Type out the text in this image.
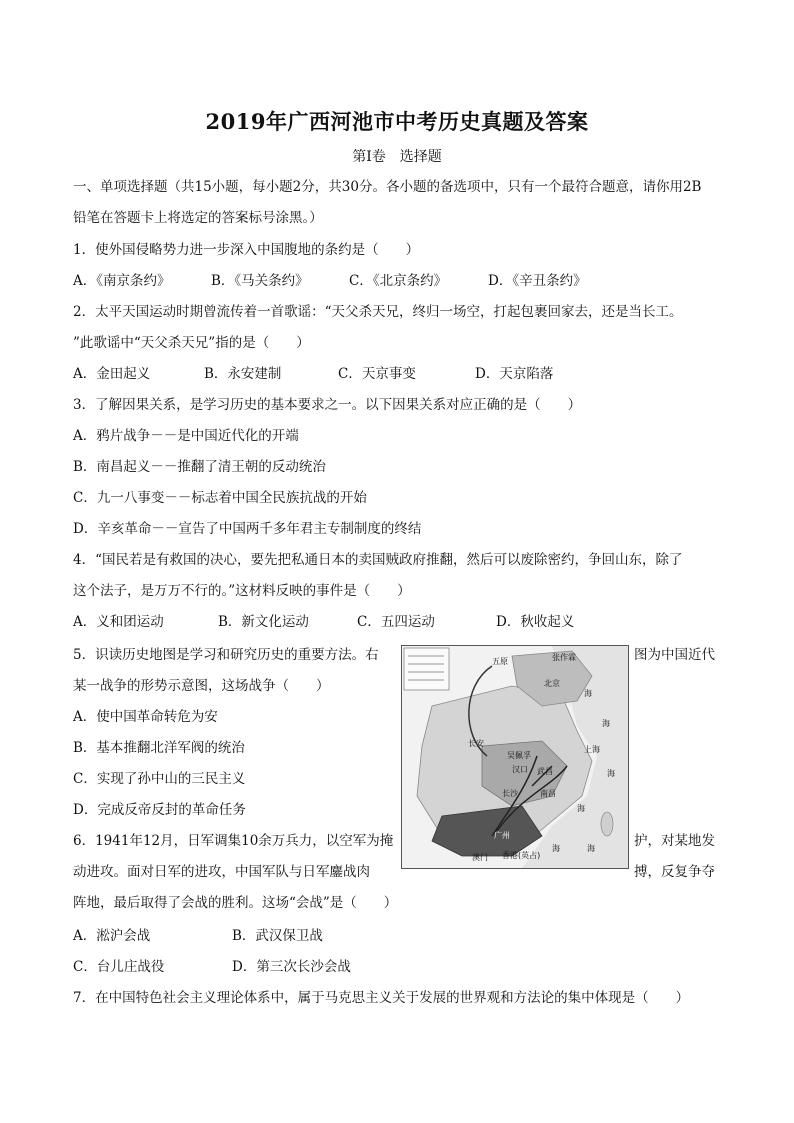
2019年广西河池市中考历史真题及答案
第Ⅰ卷　选择题
一、单项选择题（共15小题，每小题2分，共30分。各小题的备选项中，只有一个最符合题意，请你用2B
铅笔在答题卡上将选定的答案标号涂黑。）
1．使外国侵略势力进一步深入中国腹地的条约是（　　）
A．《南京条约》	B．《马关条约》	C．《北京条约》	D．《辛丑条约》
2．太平天国运动时期曾流传着一首歌谣：“天父杀天兄，终归一场空，打起包裹回家去，还是当长工。
”此歌谣中“天父杀天兄”指的是（　　）
A．金田起义	B．永安建制	C．天京事变	D．天京陷落
3．了解因果关系，是学习历史的基本要求之一。以下因果关系对应正确的是（　　）
A．鸦片战争－－是中国近代化的开端
B．南昌起义－－推翻了清王朝的反动统治
C．九一八事变－－标志着中国全民族抗战的开始
D．辛亥革命－－宣告了中国两千多年君主专制制度的终结
4．“国民若是有救国的决心，要先把私通日本的卖国贼政府推翻，然后可以废除密约，争回山东，除了
这个法子，是万万不行的。”这材料反映的事件是（　　）
A．义和团运动	B．新文化运动	C．五四运动	D．秋收起义
5．识读历史地图是学习和研究历史的重要方法。右	图为中国近代
某一战争的形势示意图，这场战争（　　）
A．使中国革命转危为安
B．基本推翻北洋军阀的统治
C．实现了孙中山的三民主义
D．完成反帝反封的革命任务
五原	张作霖
北京
长安
吴佩孚
汉口 武昌
上海
长沙	南昌
广州
香港(英占)
澳门
海
海
海
海
海	海
6．1941年12月，日军调集10余万兵力，以空军为掩	护，对某地发
动进攻。面对日军的进攻，中国军队与日军鏖战肉	搏，反复争夺
阵地，最后取得了会战的胜利。这场“会战”是（　　）
A．淞沪会战	B．武汉保卫战
C．台儿庄战役	D．第三次长沙会战
7．在中国特色社会主义理论体系中，属于马克思主义关于发展的世界观和方法论的集中体现是（　　）
